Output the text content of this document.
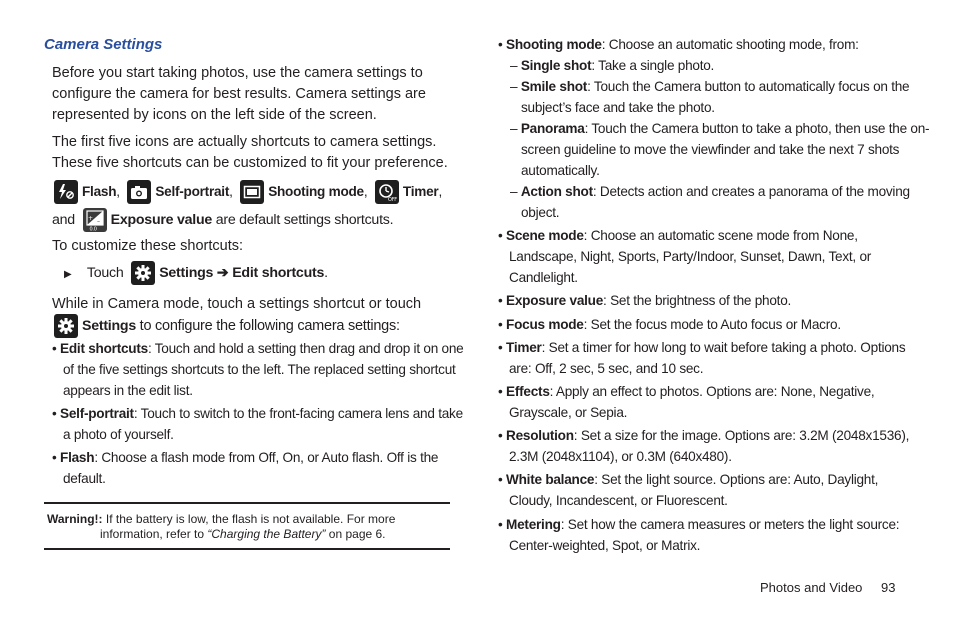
Camera Settings
Before you start taking photos, use the camera settings to
configure the camera for best results. Camera settings are
represented by icons on the left side of the screen.
The first five icons are actually shortcuts to camera settings.
These five shortcuts can be customized to fit your preference.
Flash,
Self-portrait,
Shooting mode,
OFF
Timer,
and + –
0.0
Exposure value are default settings shortcuts.
To customize these shortcuts:
▶ Touch	Settings ➔ Edit shortcuts.
While in Camera mode, touch a settings shortcut or touch
Settings to configure the following camera settings:
• Edit shortcuts: Touch and hold a setting then drag and drop it on one
of the five settings shortcuts to the left. The replaced setting shortcut
appears in the edit list.
• Self-portrait: Touch to switch to the front-facing camera lens and take
a photo of yourself.
• Flash: Choose a flash mode from Off, On, or Auto flash. Off is the
default.
Warning!: If the battery is low, the flash is not available. For more
information, refer to “Charging the Battery” on page 6.
• Shooting mode: Choose an automatic shooting mode, from:
– Single shot: Take a single photo.
– Smile shot: Touch the Camera button to automatically focus on the
subject’s face and take the photo.
– Panorama: Touch the Camera button to take a photo, then use the on-
screen guideline to move the viewfinder and take the next 7 shots
automatically.
– Action shot: Detects action and creates a panorama of the moving
object.
• Scene mode: Choose an automatic scene mode from None,
Landscape, Night, Sports, Party/Indoor, Sunset, Dawn, Text, or
Candlelight.
• Exposure value: Set the brightness of the photo.
• Focus mode: Set the focus mode to Auto focus or Macro.
• Timer: Set a timer for how long to wait before taking a photo. Options
are: Off, 2 sec, 5 sec, and 10 sec.
• Effects: Apply an effect to photos. Options are: None, Negative,
Grayscale, or Sepia.
• Resolution: Set a size for the image. Options are: 3.2M (2048x1536),
2.3M (2048x1104), or 0.3M (640x480).
• White balance: Set the light source. Options are: Auto, Daylight,
Cloudy, Incandescent, or Fluorescent.
• Metering: Set how the camera measures or meters the light source:
Center-weighted, Spot, or Matrix.
Photos and Video 93
